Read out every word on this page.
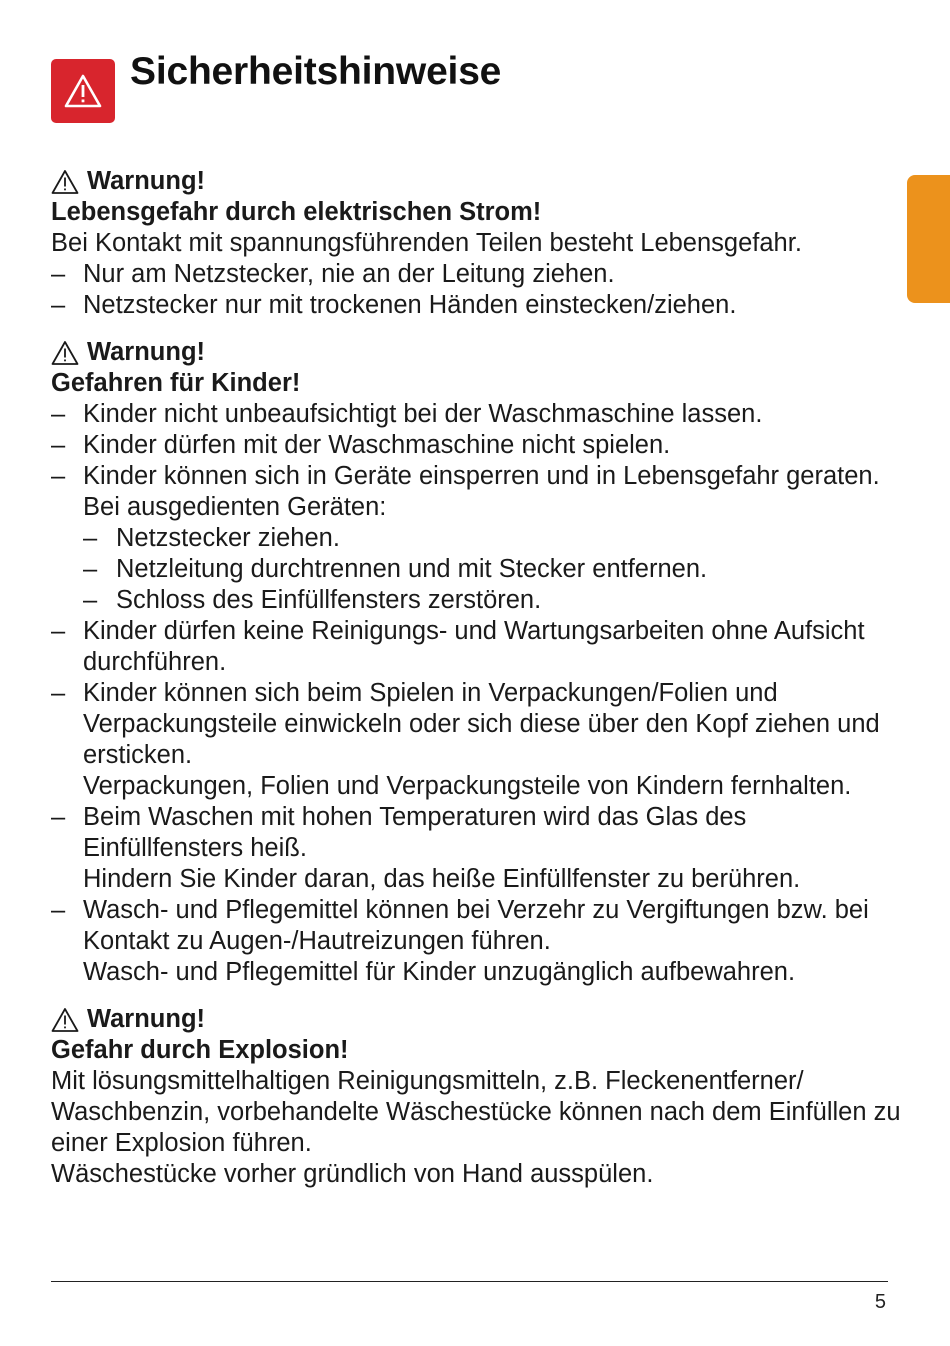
Sicherheitshinweise
Warnung!
Lebensgefahr durch elektrischen Strom!
Bei Kontakt mit spannungsführenden Teilen besteht Lebensgefahr.
– Nur am Netzstecker, nie an der Leitung ziehen.
– Netzstecker nur mit trockenen Händen einstecken/ziehen.
Warnung!
Gefahren für Kinder!
– Kinder nicht unbeaufsichtigt bei der Waschmaschine lassen.
– Kinder dürfen mit der Waschmaschine nicht spielen.
– Kinder können sich in Geräte einsperren und in Lebensgefahr geraten.
Bei ausgedienten Geräten:
– Netzstecker ziehen.
– Netzleitung durchtrennen und mit Stecker entfernen.
– Schloss des Einfüllfensters zerstören.
– Kinder dürfen keine Reinigungs- und Wartungsarbeiten ohne Aufsicht durchführen.
– Kinder können sich beim Spielen in Verpackungen/Folien und Verpackungsteile einwickeln oder sich diese über den Kopf ziehen und ersticken.
Verpackungen, Folien und Verpackungsteile von Kindern fernhalten.
– Beim Waschen mit hohen Temperaturen wird das Glas des Einfüllfensters heiß.
Hindern Sie Kinder daran, das heiße Einfüllfenster zu berühren.
– Wasch- und Pflegemittel können bei Verzehr zu Vergiftungen bzw. bei Kontakt zu Augen-/Hautreizungen führen.
Wasch- und Pflegemittel für Kinder unzugänglich aufbewahren.
Warnung!
Gefahr durch Explosion!
Mit lösungsmittelhaltigen Reinigungsmitteln, z.B. Fleckenentferner/ Waschbenzin, vorbehandelte Wäschestücke können nach dem Einfüllen zu einer Explosion führen.
Wäschestücke vorher gründlich von Hand ausspülen.
5
